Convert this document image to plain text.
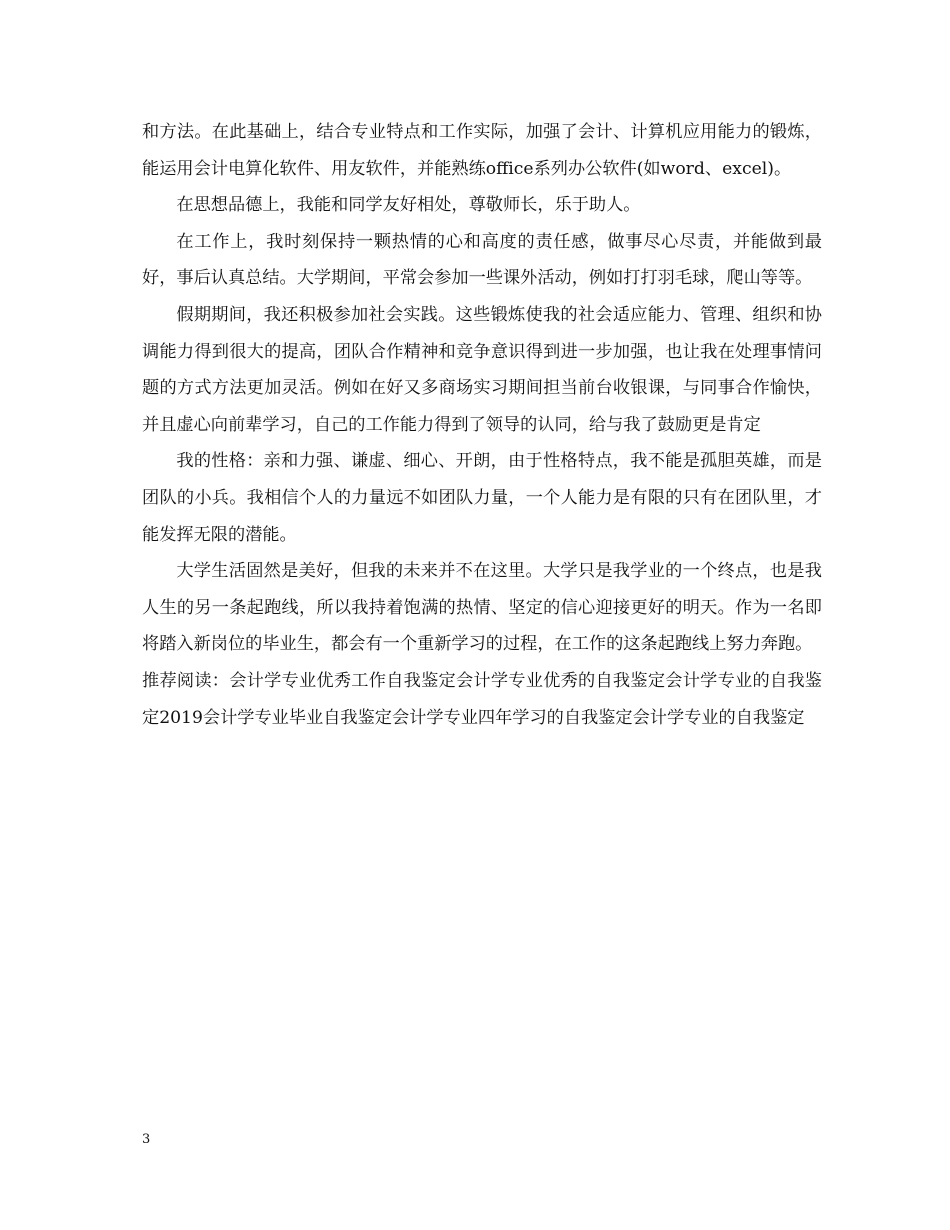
和方法。在此基础上，结合专业特点和工作实际，加强了会计、计算机应用能力的锻炼，能运用会计电算化软件、用友软件，并能熟练office系列办公软件(如word、excel)。

在思想品德上，我能和同学友好相处，尊敬师长，乐于助人。

在工作上，我时刻保持一颗热情的心和高度的责任感，做事尽心尽责，并能做到最好，事后认真总结。大学期间，平常会参加一些课外活动，例如打打羽毛球，爬山等等。

假期期间，我还积极参加社会实践。这些锻炼使我的社会适应能力、管理、组织和协调能力得到很大的提高，团队合作精神和竞争意识得到进一步加强，也让我在处理事情问题的方式方法更加灵活。例如在好又多商场实习期间担当前台收银课，与同事合作愉快，并且虚心向前辈学习，自己的工作能力得到了领导的认同，给与我了鼓励更是肯定

我的性格：亲和力强、谦虚、细心、开朗，由于性格特点，我不能是孤胆英雄，而是团队的小兵。我相信个人的力量远不如团队力量，一个人能力是有限的只有在团队里，才能发挥无限的潜能。

大学生活固然是美好，但我的未来并不在这里。大学只是我学业的一个终点，也是我人生的另一条起跑线，所以我持着饱满的热情、坚定的信心迎接更好的明天。作为一名即将踏入新岗位的毕业生，都会有一个重新学习的过程，在工作的这条起跑线上努力奔跑。

推荐阅读：会计学专业优秀工作自我鉴定会计学专业优秀的自我鉴定会计学专业的自我鉴定2019会计学专业毕业自我鉴定会计学专业四年学习的自我鉴定会计学专业的自我鉴定

3
